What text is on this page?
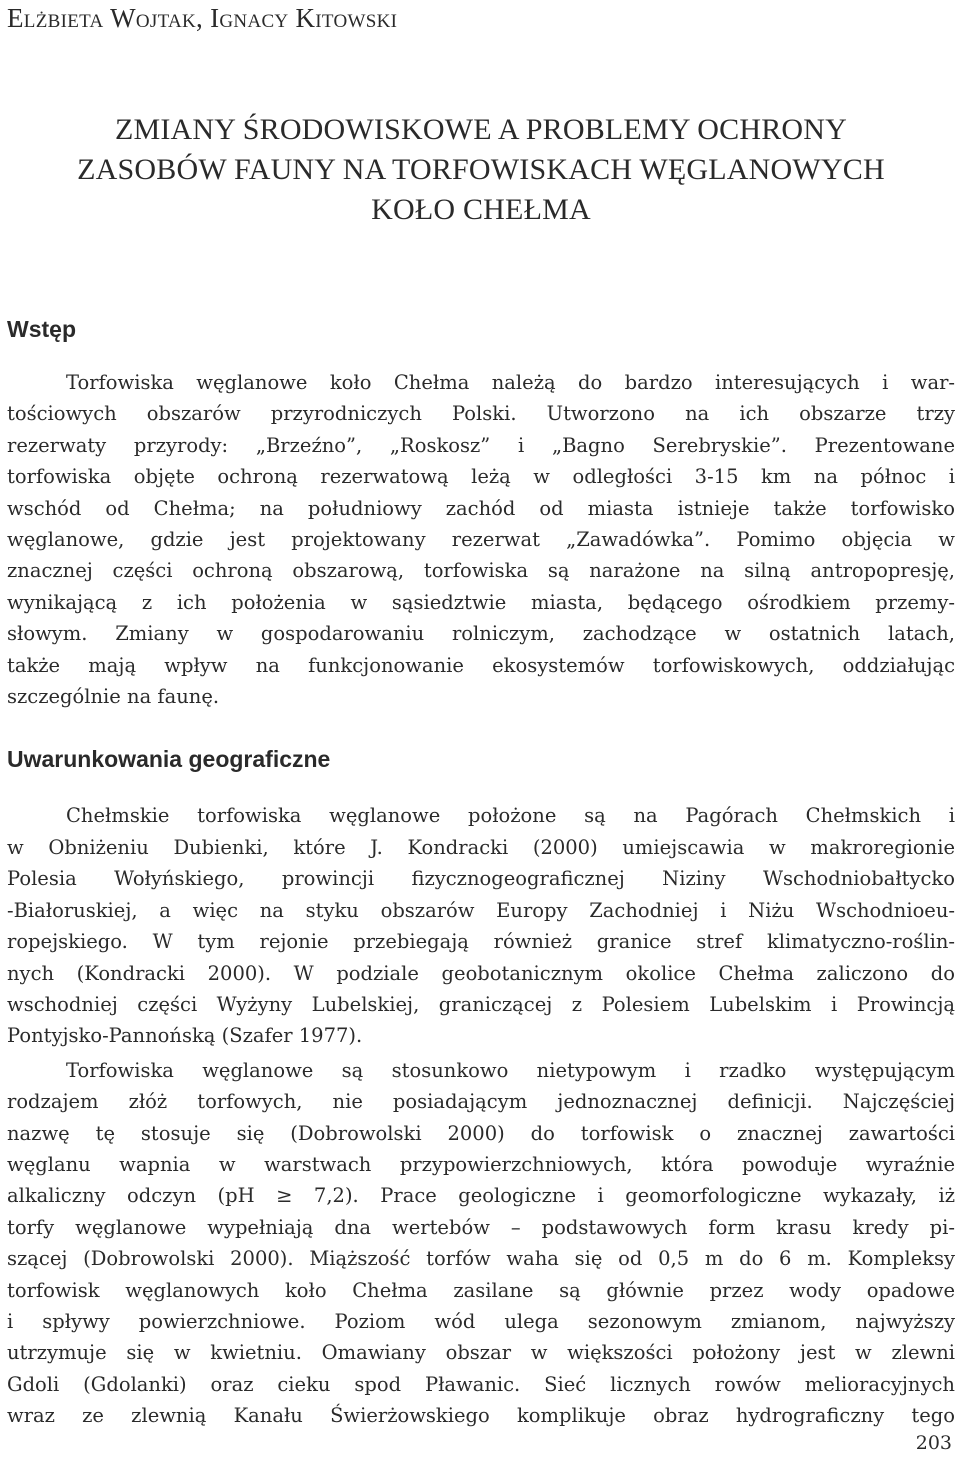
Elżbieta Wojtak, Ignacy Kitowski
ZMIANY ŚRODOWISKOWE A PROBLEMY OCHRONY
ZASOBÓW FAUNY NA TORFOWISKACH WĘGLANOWYCH
KOŁO CHEŁMA
Wstęp
Torfowiska węglanowe koło Chełma należą do bardzo interesujących i war-
tościowych obszarów przyrodniczych Polski. Utworzono na ich obszarze trzy
rezerwaty przyrody: „Brzeźno”, „Roskosz” i „Bagno Serebryskie”. Prezentowane
torfowiska objęte ochroną rezerwatową leżą w odległości 3-15 km na północ i
wschód od Chełma; na południowy zachód od miasta istnieje także torfowisko
węglanowe, gdzie jest projektowany rezerwat „Zawadówka”. Pomimo objęcia w
znacznej części ochroną obszarową, torfowiska są narażone na silną antropopresję,
wynikającą z ich położenia w sąsiedztwie miasta, będącego ośrodkiem przemy-
słowym. Zmiany w gospodarowaniu rolniczym, zachodzące w ostatnich latach,
także mają wpływ na funkcjonowanie ekosystemów torfowiskowych, oddziałując
szczególnie na faunę.
Uwarunkowania geograficzne
Chełmskie torfowiska węglanowe położone są na Pagórach Chełmskich i
w Obniżeniu Dubienki, które J. Kondracki (2000) umiejscawia w makroregionie
Polesia Wołyńskiego, prowincji fizycznogeograficznej Niziny Wschodniobałtycko
-Białoruskiej, a więc na styku obszarów Europy Zachodniej i Niżu Wschodnioeu-
ropejskiego. W tym rejonie przebiegają również granice stref klimatyczno-roślin-
nych (Kondracki 2000). W podziale geobotanicznym okolice Chełma zaliczono do
wschodniej części Wyżyny Lubelskiej, graniczącej z Polesiem Lubelskim i Prowincją
Pontyjsko-Pannońską (Szafer 1977).
Torfowiska węglanowe są stosunkowo nietypowym i rzadko występującym
rodzajem złóż torfowych, nie posiadającym jednoznacznej definicji. Najczęściej
nazwę tę stosuje się (Dobrowolski 2000) do torfowisk o znacznej zawartości
węglanu wapnia w warstwach przypowierzchniowych, która powoduje wyraźnie
alkaliczny odczyn (pH ≥ 7,2). Prace geologiczne i geomorfologiczne wykazały, iż
torfy węglanowe wypełniają dna wertebów – podstawowych form krasu kredy pi-
szącej (Dobrowolski 2000). Miąższość torfów waha się od 0,5 m do 6 m. Kompleksy
torfowisk węglanowych koło Chełma zasilane są głównie przez wody opadowe
i spływy powierzchniowe. Poziom wód ulega sezonowym zmianom, najwyższy
utrzymuje się w kwietniu. Omawiany obszar w większości położony jest w zlewni
Gdoli (Gdolanki) oraz cieku spod Pławanic. Sieć licznych rowów melioracyjnych
wraz ze zlewnią Kanału Świerżowskiego komplikuje obraz hydrograficzny tego
203
